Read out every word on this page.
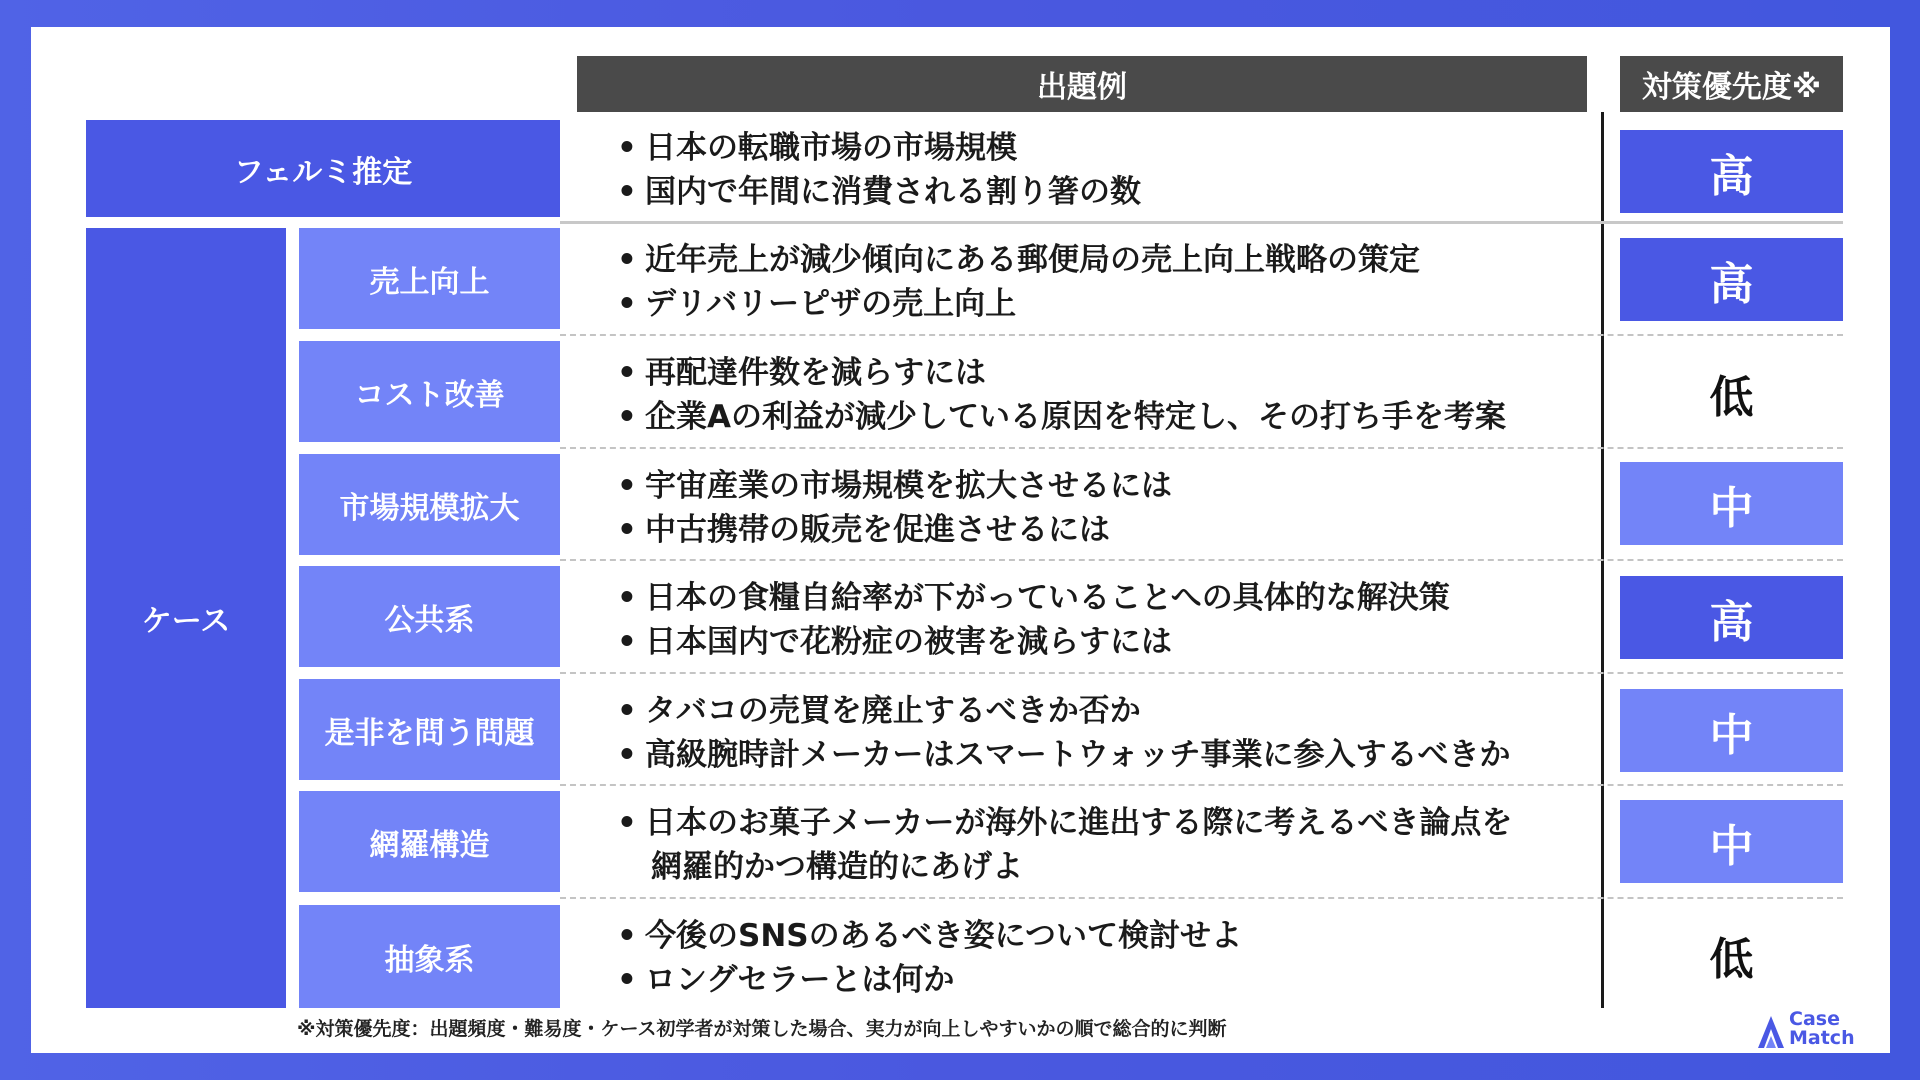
出題例	対策優先度※
フェルミ推定
• 日本の転職市場の市場規模
• 国内で年間に消費される割り箸の数	高
ケース
売上向上
• 近年売上が減少傾向にある郵便局の売上向上戦略の策定
• デリバリーピザの売上向上	高
コスト改善
• 再配達件数を減らすには
• 企業Aの利益が減少している原因を特定し、その打ち手を考案	低
市場規模拡大
• 宇宙産業の市場規模を拡大させるには
• 中古携帯の販売を促進させるには	中
公共系
• 日本の食糧自給率が下がっていることへの具体的な解決策
• 日本国内で花粉症の被害を減らすには	高
是非を問う問題
• タバコの売買を廃止するべきか否か
• 高級腕時計メーカーはスマートウォッチ事業に参入するべきか	中
網羅構造
• 日本のお菓子メーカーが海外に進出する際に考えるべき論点を
網羅的かつ構造的にあげよ	中
抽象系
• 今後のSNSのあるべき姿について検討せよ
• ロングセラーとは何か	低
※対策優先度：出題頻度・難易度・ケース初学者が対策した場合、実力が向上しやすいかの順で総合的に判断	Case
Match
